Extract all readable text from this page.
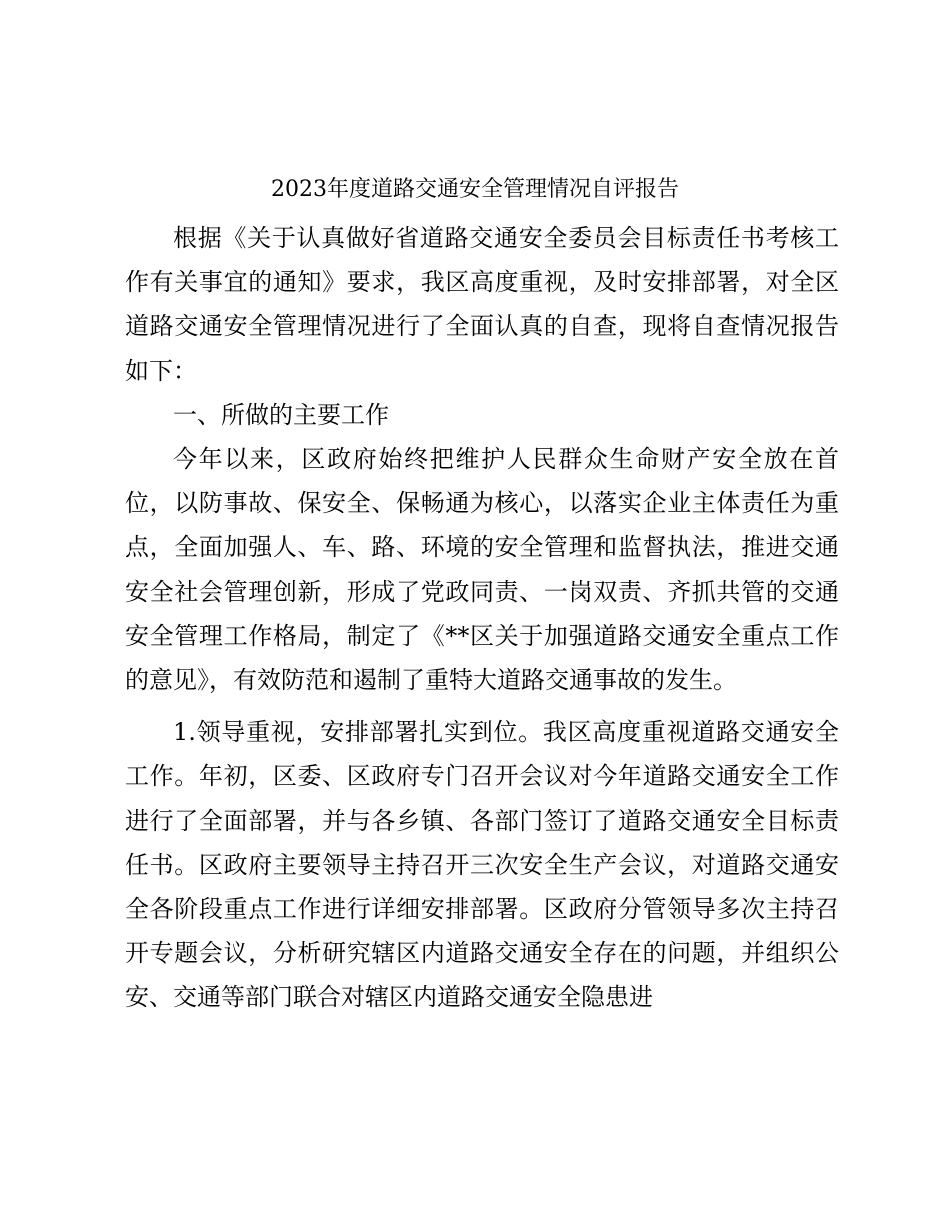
2023年度道路交通安全管理情况自评报告

根据《关于认真做好省道路交通安全委员会目标责任书考核工作有关事宜的通知》要求，我区高度重视，及时安排部署，对全区道路交通安全管理情况进行了全面认真的自查，现将自查情况报告如下：

一、所做的主要工作

今年以来，区政府始终把维护人民群众生命财产安全放在首位，以防事故、保安全、保畅通为核心，以落实企业主体责任为重点，全面加强人、车、路、环境的安全管理和监督执法，推进交通安全社会管理创新，形成了党政同责、一岗双责、齐抓共管的交通安全管理工作格局，制定了《**区关于加强道路交通安全重点工作的意见》，有效防范和遏制了重特大道路交通事故的发生。

1.领导重视，安排部署扎实到位。我区高度重视道路交通安全工作。年初，区委、区政府专门召开会议对今年道路交通安全工作进行了全面部署，并与各乡镇、各部门签订了道路交通安全目标责任书。区政府主要领导主持召开三次安全生产会议，对道路交通安全各阶段重点工作进行详细安排部署。区政府分管领导多次主持召开专题会议，分析研究辖区内道路交通安全存在的问题，并组织公安、交通等部门联合对辖区内道路交通安全隐患进
